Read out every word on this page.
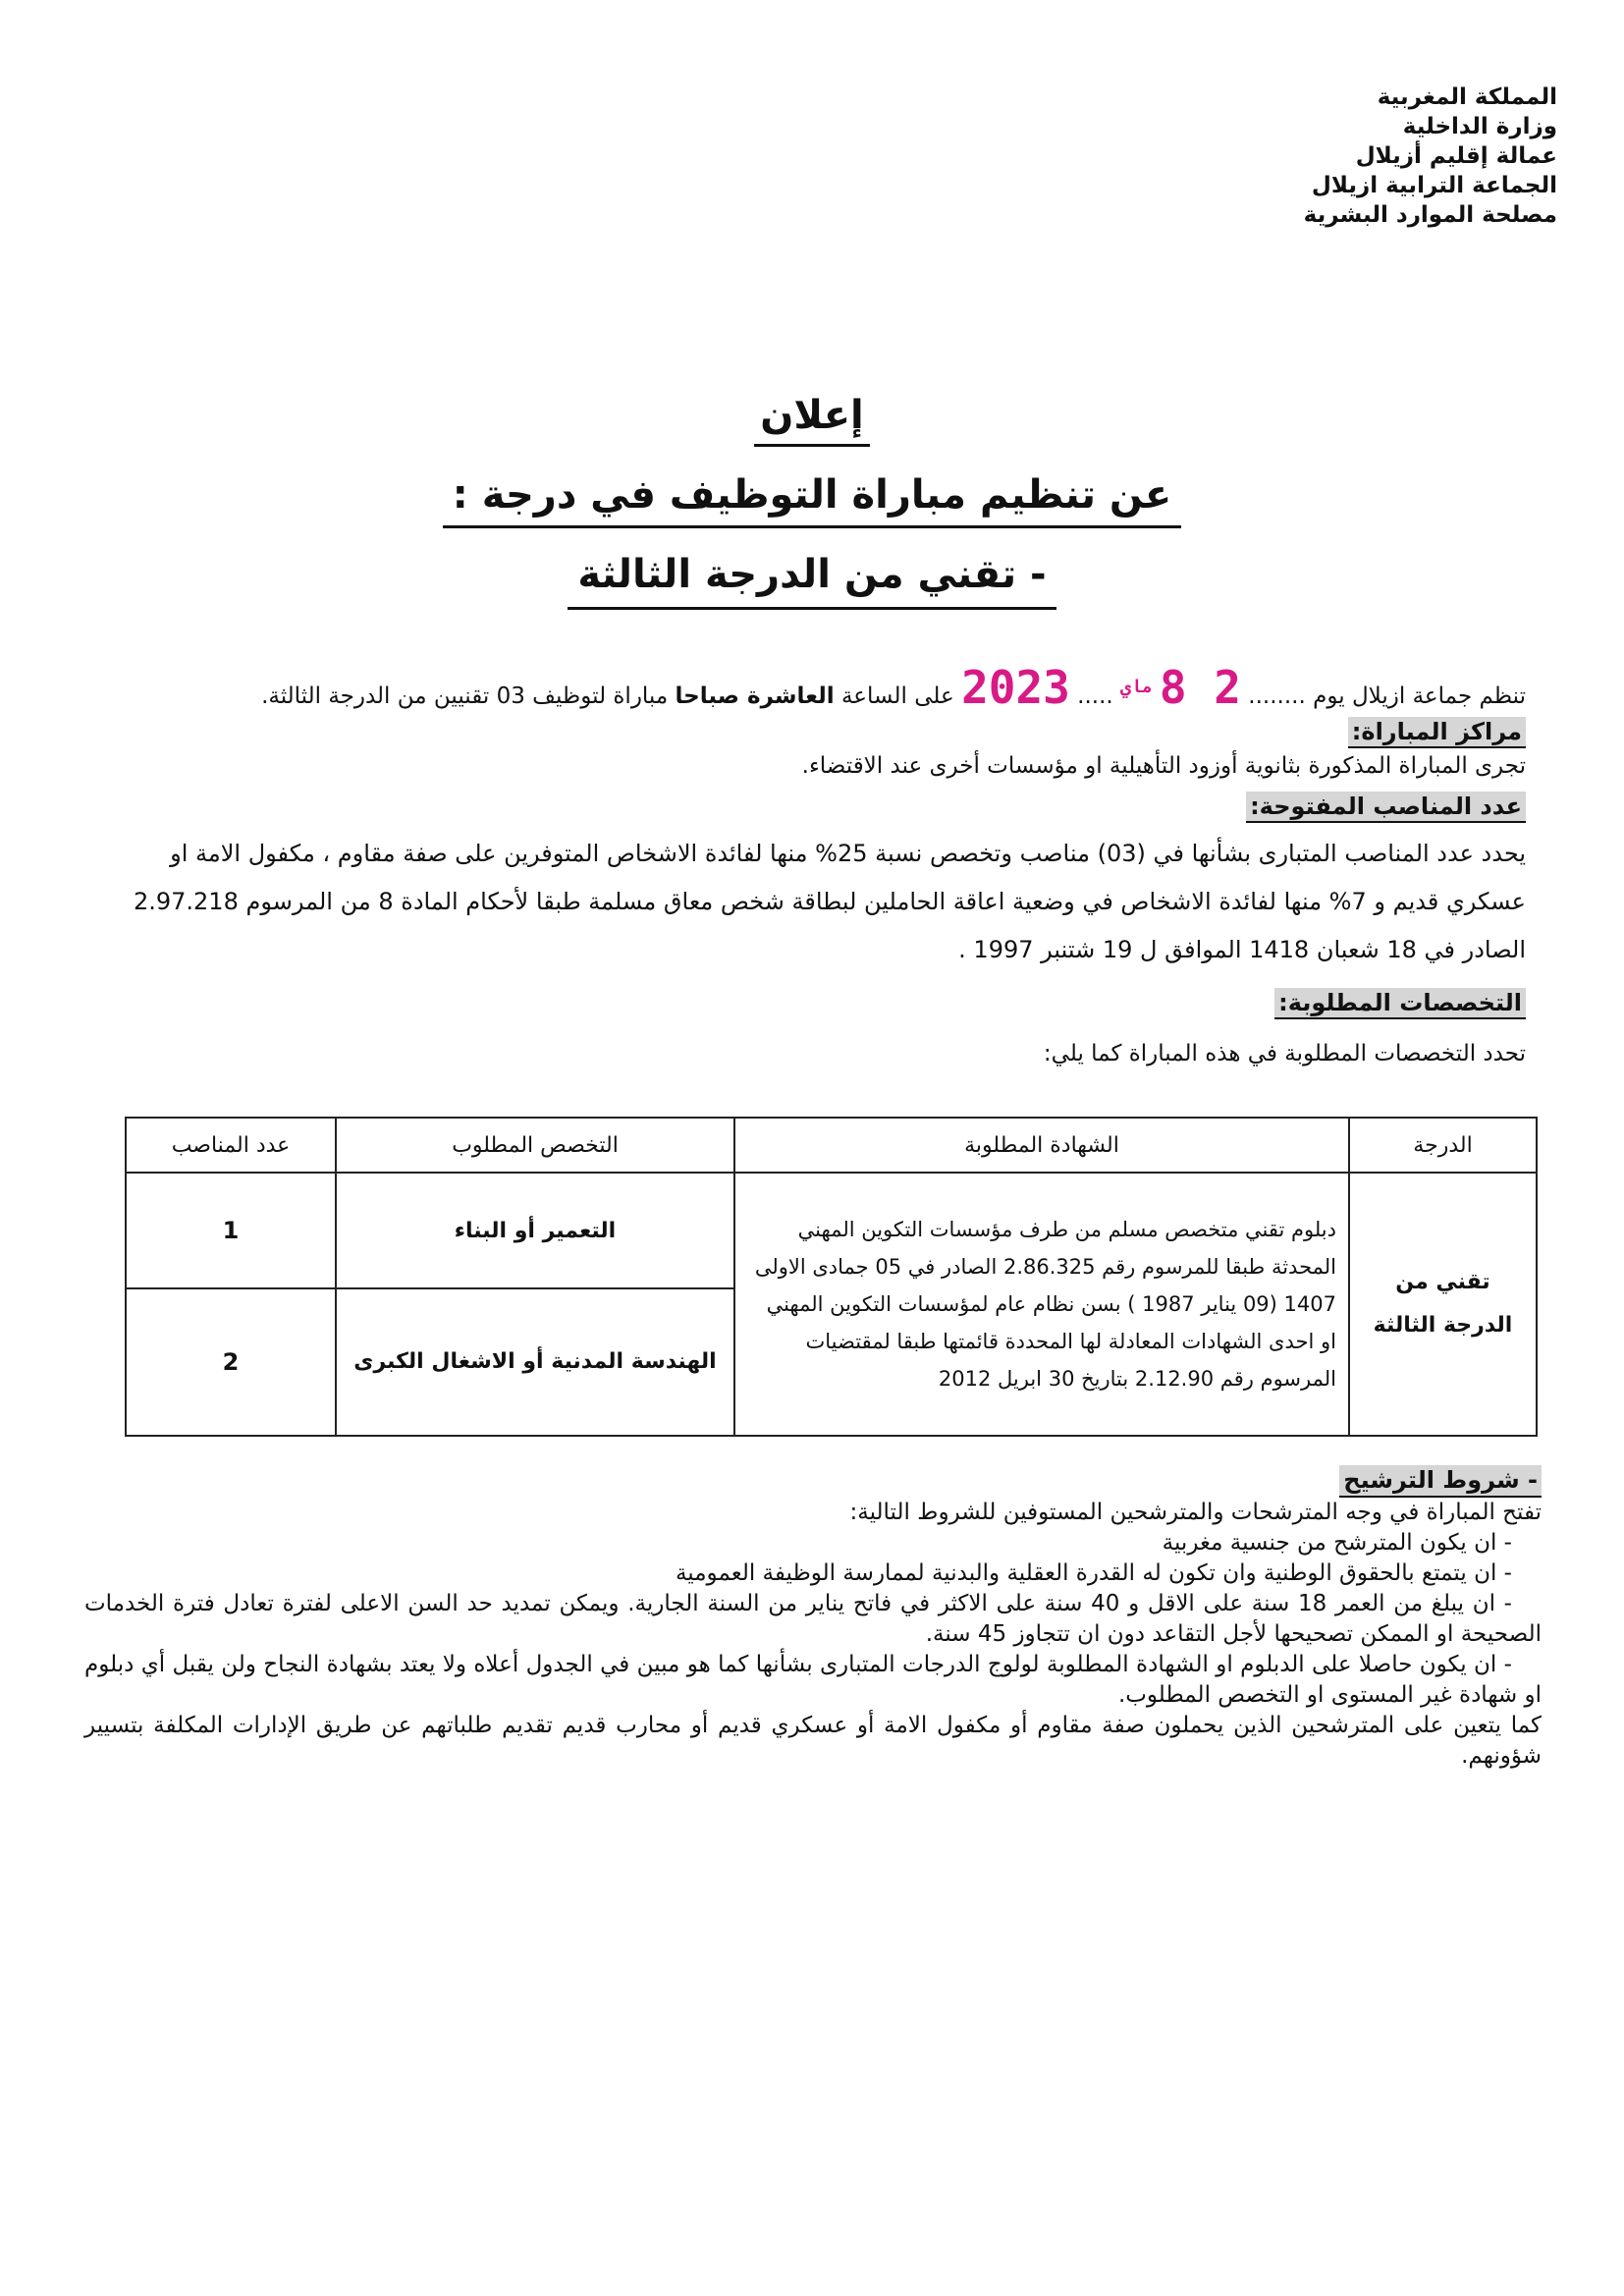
المملكة المغربية
وزارة الداخلية
عمالة إقليم أزيلال
الجماعة الترابية ازيلال
مصلحة الموارد البشرية
إعلان
عن تنظيم مباراة التوظيف في درجة :
- تقني من الدرجة الثالثة
تنظم جماعة ازيلال يوم ........ 2 8 $^{ماي}$ ..... 2023 على الساعة العاشرة صباحا مباراة لتوظيف 03 تقنيين من الدرجة الثالثة.
مراكز المباراة:
تجرى المباراة المذكورة بثانوية أوزود التأهيلية او مؤسسات أخرى عند الاقتضاء.
عدد المناصب المفتوحة:
يحدد عدد المناصب المتبارى بشأنها في (03) مناصب وتخصص نسبة 25% منها لفائدة الاشخاص المتوفرين على صفة مقاوم ، مكفول الامة او
عسكري قديم و 7% منها لفائدة الاشخاص في وضعية اعاقة الحاملين لبطاقة شخص معاق مسلمة طبقا لأحكام المادة 8 من المرسوم 2.97.218
الصادر في 18 شعبان 1418 الموافق ل 19 شتنبر 1997 .
التخصصات المطلوبة:
تحدد التخصصات المطلوبة في هذه المباراة كما يلي:
الدرجة	الشهادة المطلوبة	التخصص المطلوب	عدد المناصب
تقني من الدرجة الثالثة	دبلوم تقني متخصص مسلم من طرف مؤسسات التكوين المهني المحدثة طبقا للمرسوم رقم 2.86.325 الصادر في 05 جمادى الاولى 1407 (09 يناير 1987 ) بسن نظام عام لمؤسسات التكوين المهني او احدى الشهادات المعادلة لها المحددة قائمتها طبقا لمقتضيات المرسوم رقم 2.12.90 بتاريخ 30 ابريل 2012	التعمير أو البناء	1
		الهندسة المدنية أو الاشغال الكبرى	2

- شروط الترشيح

تفتح المباراة في وجه المترشحات والمترشحين المستوفين للشروط التالية:

- ان يكون المترشح من جنسية مغربية

- ان يتمتع بالحقوق الوطنية وان تكون له القدرة العقلية والبدنية لممارسة الوظيفة العمومية

- ان يبلغ من العمر 18 سنة على الاقل و 40 سنة على الاكثر في فاتح يناير من السنة الجارية. ويمكن تمديد حد السن الاعلى لفترة تعادل فترة الخدمات الصحيحة او الممكن تصحيحها لأجل التقاعد دون ان تتجاوز 45 سنة.

- ان يكون حاصلا على الدبلوم او الشهادة المطلوبة لولوج الدرجات المتبارى بشأنها كما هو مبين في الجدول أعلاه ولا يعتد بشهادة النجاح ولن يقبل أي دبلوم او شهادة غير المستوى او التخصص المطلوب.

كما يتعين على المترشحين الذين يحملون صفة مقاوم أو مكفول الامة أو عسكري قديم أو محارب قديم تقديم طلباتهم عن طريق الإدارات المكلفة بتسيير شؤونهم.
